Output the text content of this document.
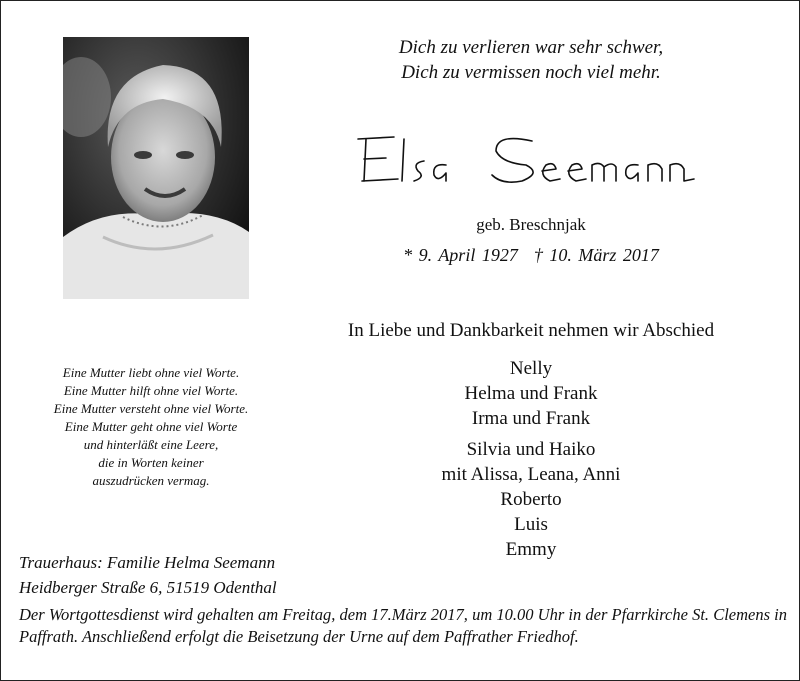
Dich zu verlieren war sehr schwer,
Dich zu vermissen noch viel mehr.
geb. Breschnjak
* 9. April 1927 † 10. März 2017
In Liebe und Dankbarkeit nehmen wir Abschied
Nelly
Helma und Frank
Irma und Frank
Silvia und Haiko
mit Alissa, Leana, Anni
Roberto
Luis
Emmy
Eine Mutter liebt ohne viel Worte.
Eine Mutter hilft ohne viel Worte.
Eine Mutter versteht ohne viel Worte.
Eine Mutter geht ohne viel Worte
und hinterläßt eine Leere,
die in Worten keiner
auszudrücken vermag.
Trauerhaus: Familie Helma Seemann
Heidberger Straße 6, 51519 Odenthal
Der Wortgottesdienst wird gehalten am Freitag, dem 17.März 2017, um 10.00 Uhr in der Pfarrkirche St. Clemens in Paffrath. Anschließend erfolgt die Beisetzung der Urne auf dem Paffrather Friedhof.
